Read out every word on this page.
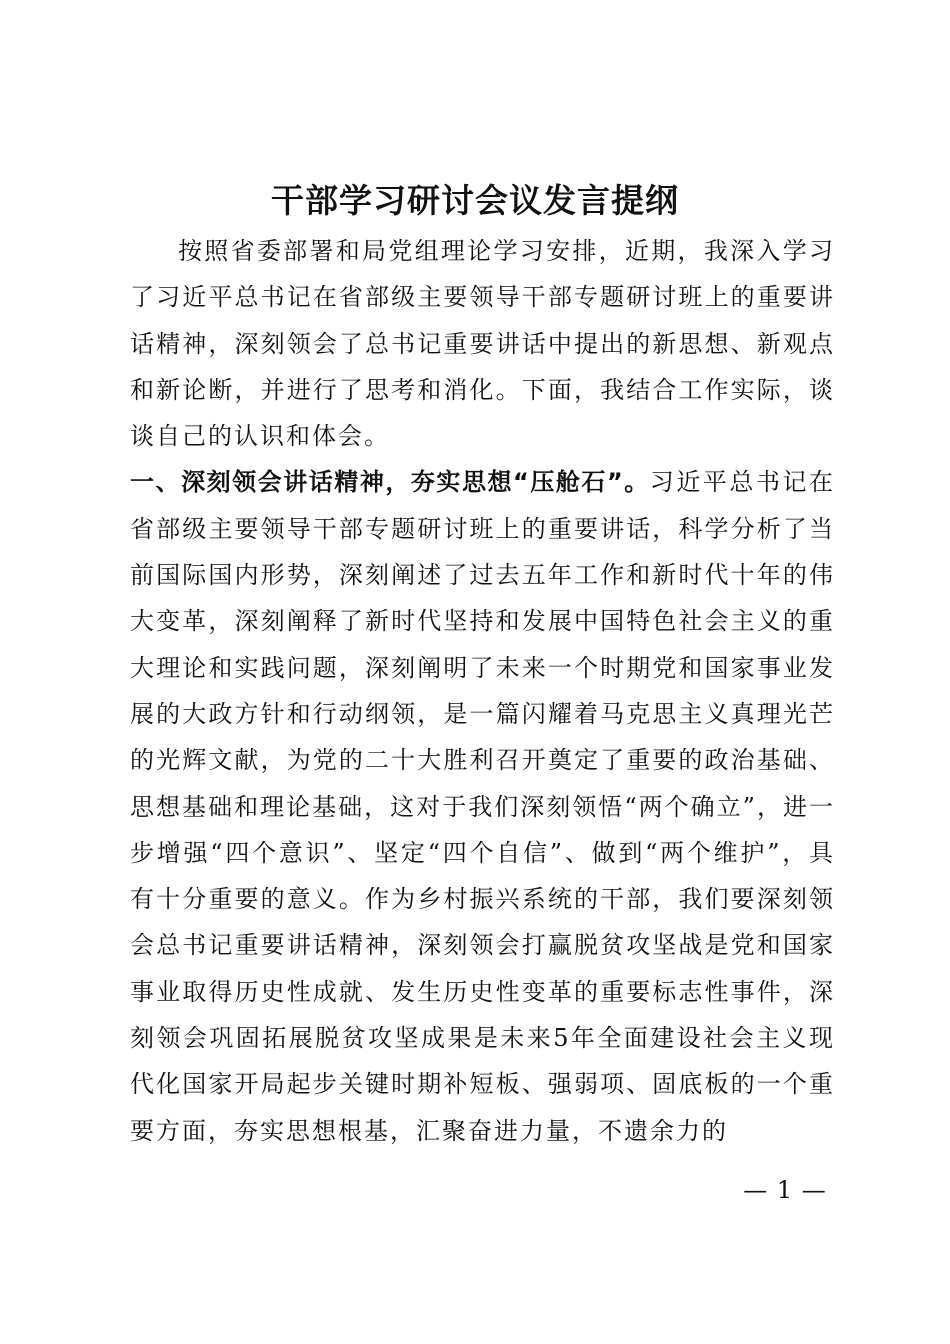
干部学习研讨会议发言提纲

按照省委部署和局党组理论学习安排，近期，我深入学习了习近平总书记在省部级主要领导干部专题研讨班上的重要讲话精神，深刻领会了总书记重要讲话中提出的新思想、新观点和新论断，并进行了思考和消化。下面，我结合工作实际，谈谈自己的认识和体会。

一、深刻领会讲话精神，夯实思想“压舱石”。习近平总书记在省部级主要领导干部专题研讨班上的重要讲话，科学分析了当前国际国内形势，深刻阐述了过去五年工作和新时代十年的伟大变革，深刻阐释了新时代坚持和发展中国特色社会主义的重大理论和实践问题，深刻阐明了未来一个时期党和国家事业发展的大政方针和行动纲领，是一篇闪耀着马克思主义真理光芒的光辉文献，为党的二十大胜利召开奠定了重要的政治基础、思想基础和理论基础，这对于我们深刻领悟“两个确立”，进一步增强“四个意识”、坚定“四个自信”、做到“两个维护”，具有十分重要的意义。作为乡村振兴系统的干部，我们要深刻领会总书记重要讲话精神，深刻领会打赢脱贫攻坚战是党和国家事业取得历史性成就、发生历史性变革的重要标志性事件，深刻领会巩固拓展脱贫攻坚成果是未来5年全面建设社会主义现代化国家开局起步关键时期补短板、强弱项、固底板的一个重要方面，夯实思想根基，汇聚奋进力量，不遗余力的

— 1 —
